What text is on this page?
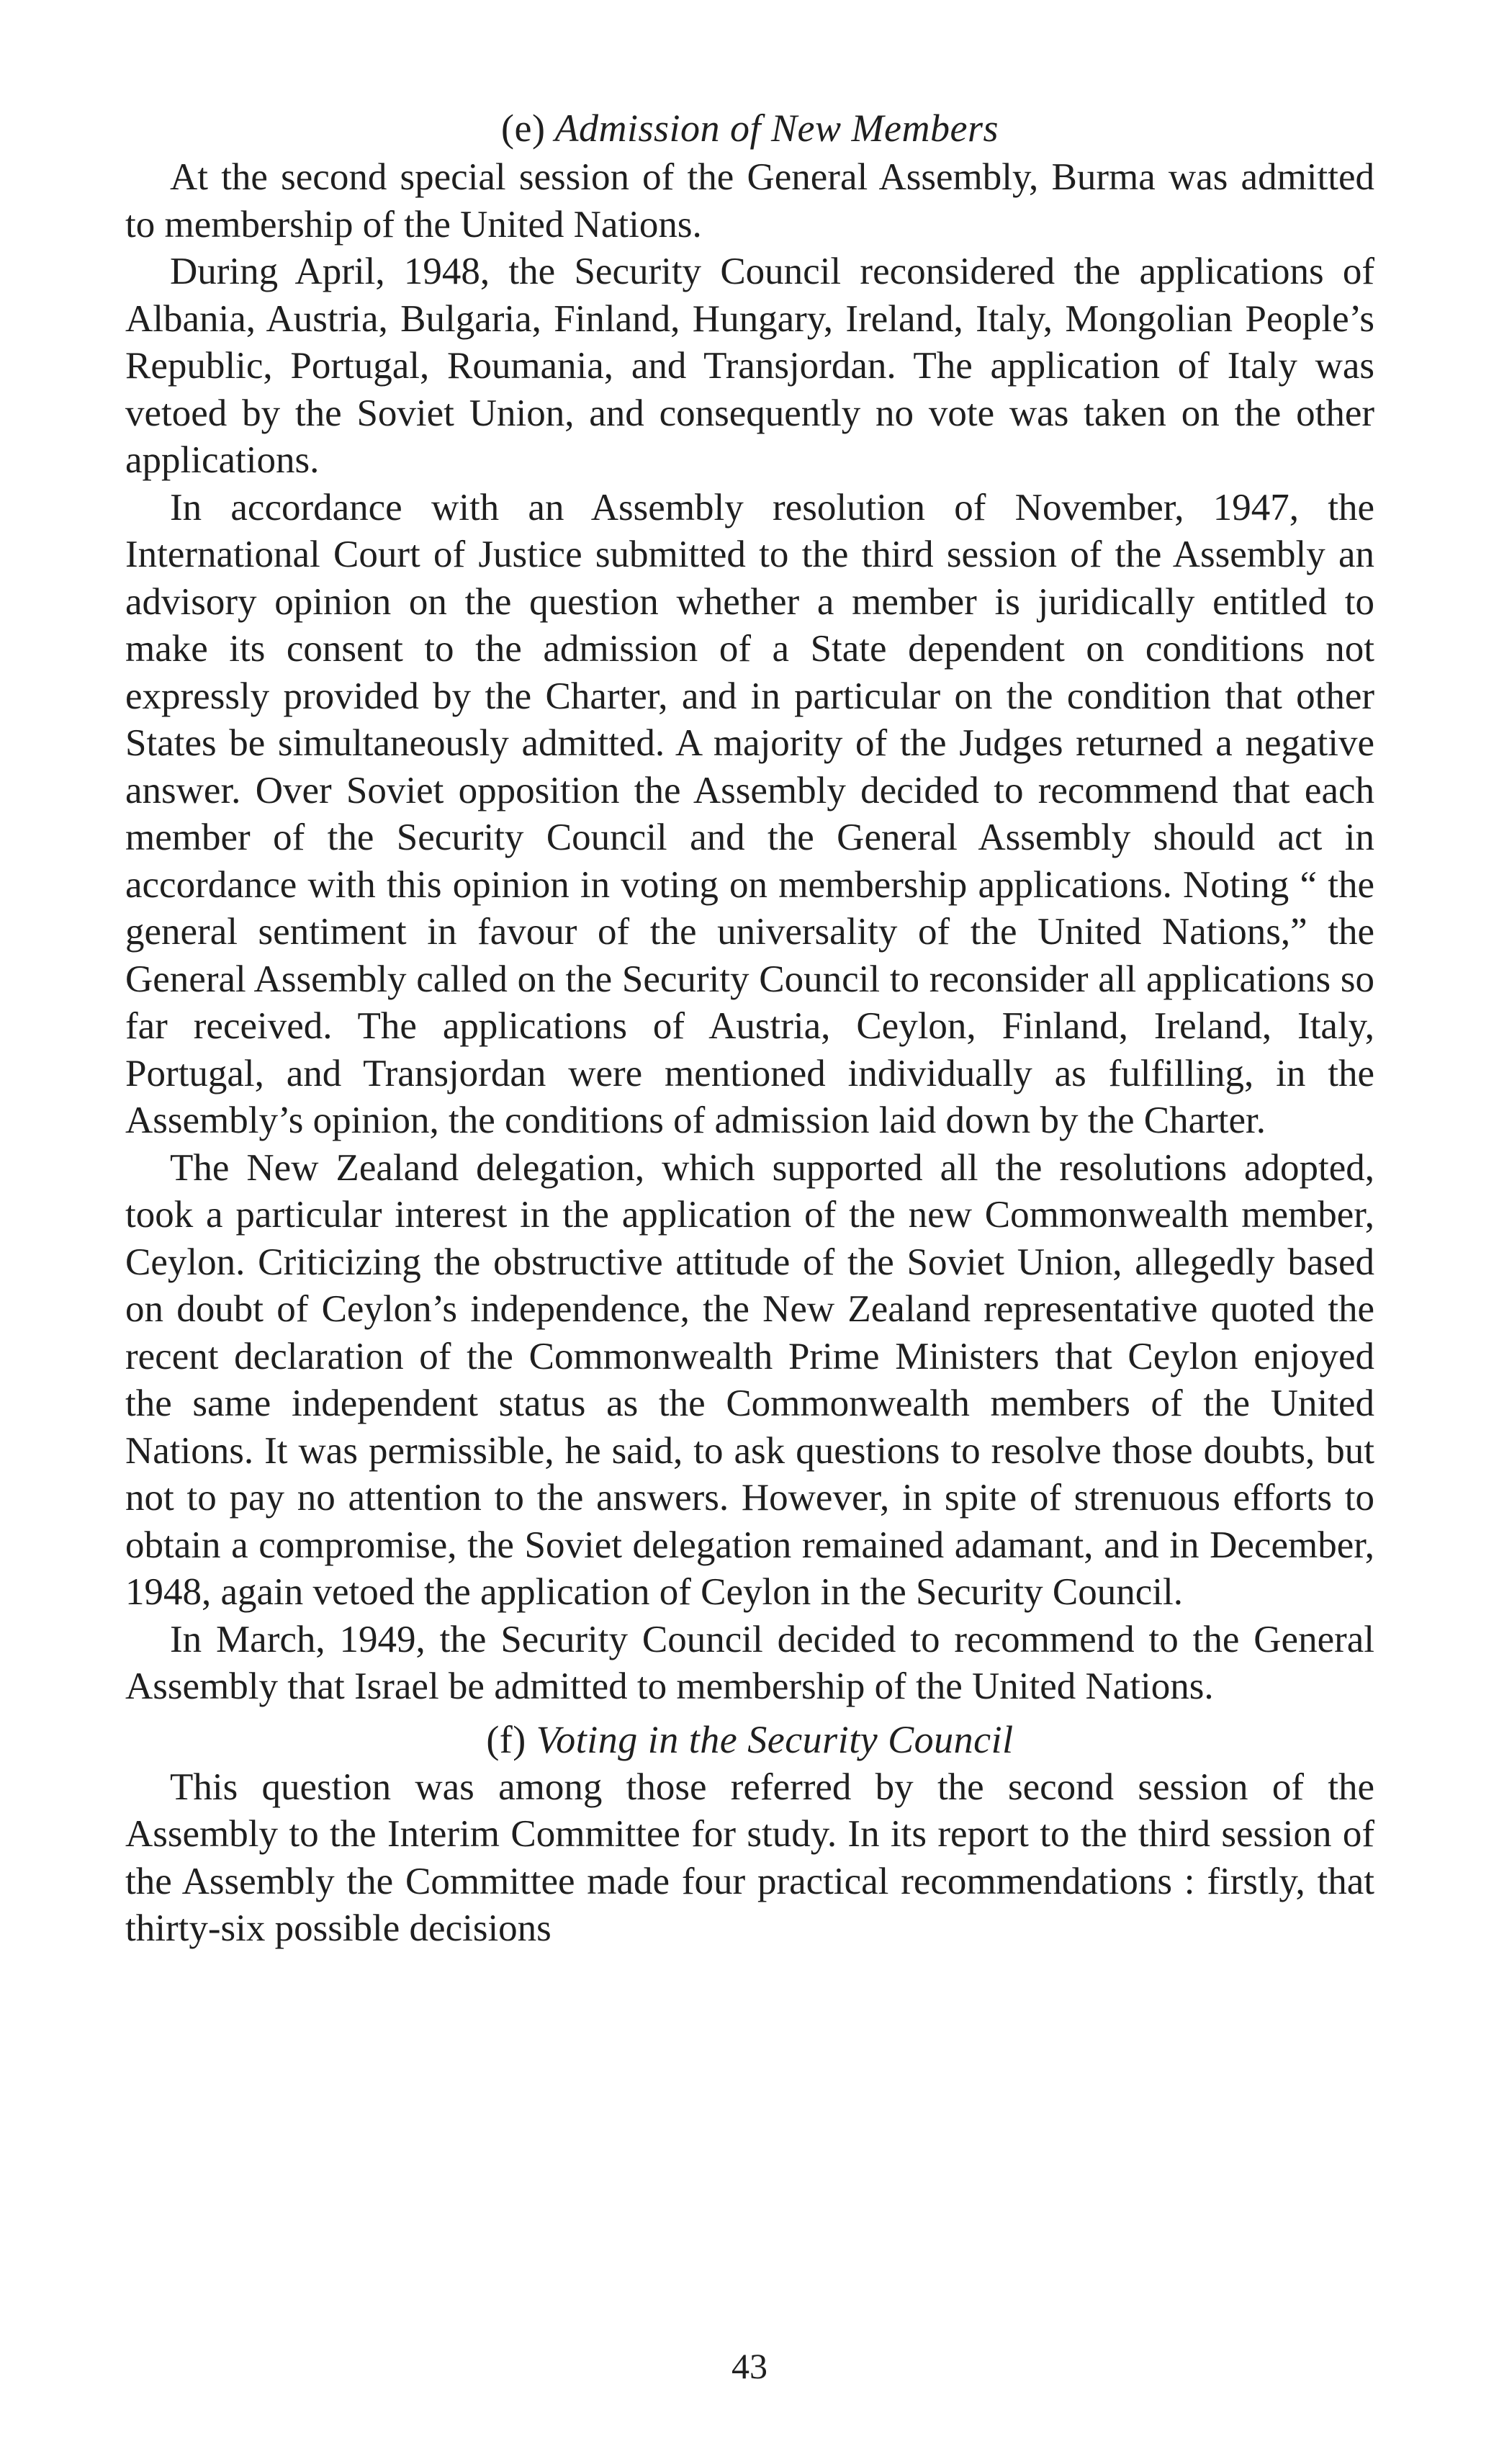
(e) Admission of New Members

At the second special session of the General Assembly, Burma was admitted to membership of the United Nations.

During April, 1948, the Security Council reconsidered the applications of Albania, Austria, Bulgaria, Finland, Hungary, Ireland, Italy, Mongolian People’s Republic, Portugal, Roumania, and Transjordan. The application of Italy was vetoed by the Soviet Union, and consequently no vote was taken on the other applications.

In accordance with an Assembly resolution of November, 1947, the International Court of Justice submitted to the third session of the Assembly an advisory opinion on the question whether a member is juridically entitled to make its consent to the admission of a State dependent on conditions not expressly provided by the Charter, and in particular on the condition that other States be simultaneously admitted. A majority of the Judges returned a negative answer. Over Soviet opposition the Assembly decided to recommend that each member of the Security Council and the General Assembly should act in accordance with this opinion in voting on membership applications. Noting “ the general sentiment in favour of the universality of the United Nations,” the General Assembly called on the Security Council to reconsider all applications so far received. The applications of Austria, Ceylon, Finland, Ireland, Italy, Portugal, and Transjordan were mentioned individually as fulfilling, in the Assembly’s opinion, the conditions of admission laid down by the Charter.

The New Zealand delegation, which supported all the resolutions adopted, took a particular interest in the application of the new Commonwealth member, Ceylon. Criticizing the obstructive attitude of the Soviet Union, allegedly based on doubt of Ceylon’s independence, the New Zealand representative quoted the recent declaration of the Commonwealth Prime Ministers that Ceylon enjoyed the same independent status as the Commonwealth members of the United Nations. It was permissible, he said, to ask questions to resolve those doubts, but not to pay no attention to the answers. However, in spite of strenuous efforts to obtain a compromise, the Soviet delegation remained adamant, and in December, 1948, again vetoed the application of Ceylon in the Security Council.

In March, 1949, the Security Council decided to recommend to the General Assembly that Israel be admitted to membership of the United Nations.

(f) Voting in the Security Council

This question was among those referred by the second session of the Assembly to the Interim Committee for study. In its report to the third session of the Assembly the Committee made four practical recommendations : firstly, that thirty-six possible decisions

43
